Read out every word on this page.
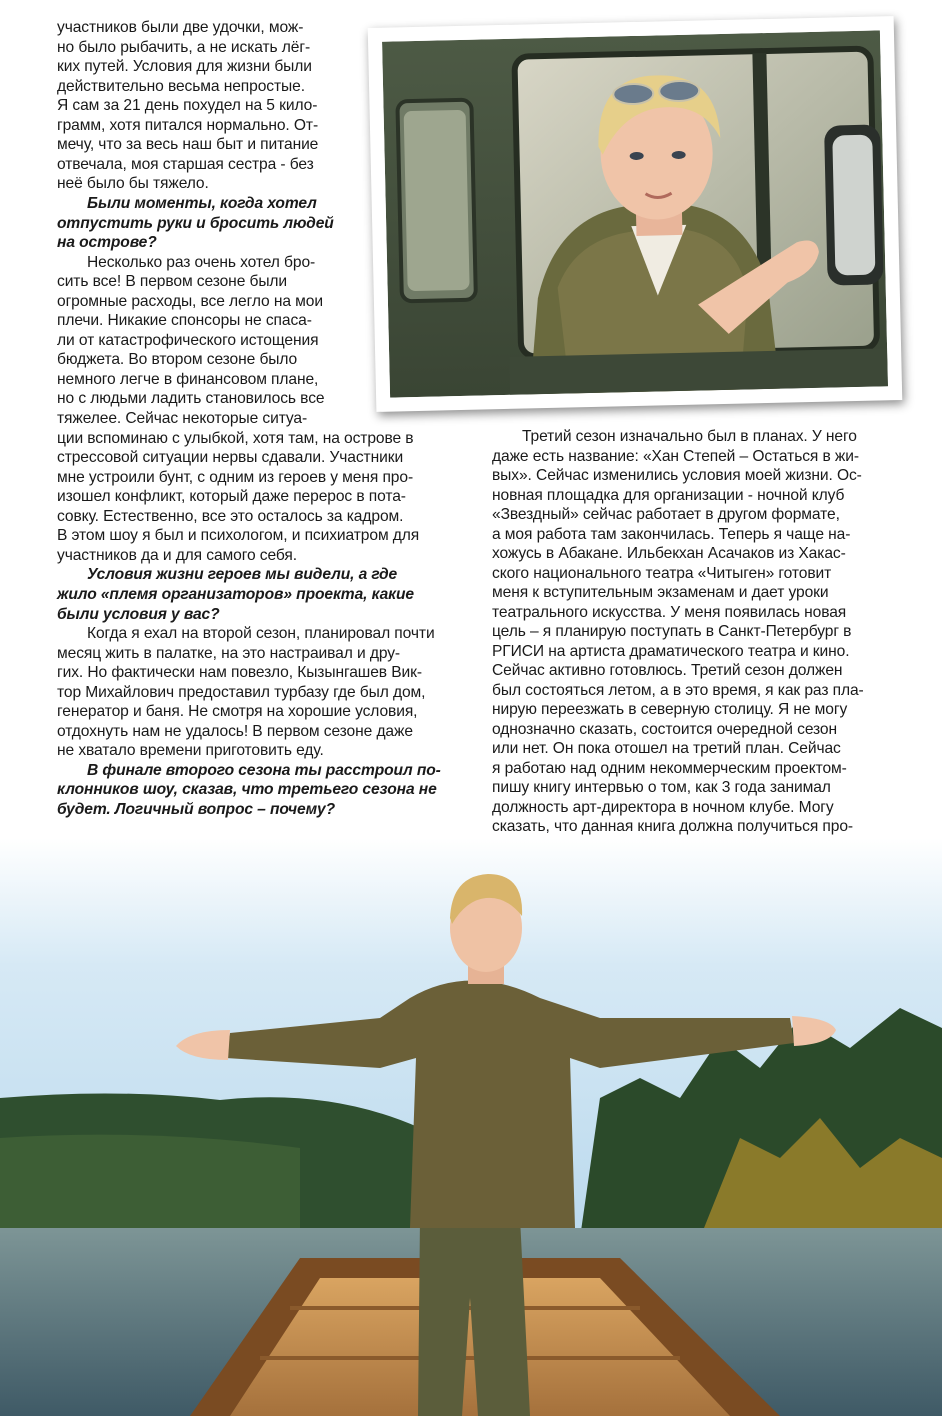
участников были две удочки, мож-
но было рыбачить, а не искать лёг-
ких путей. Условия для жизни были
действительно весьма непростые.
Я сам за 21 день похудел на 5 кило-
грамм, хотя питался нормально. От-
мечу, что за весь наш быт и питание
отвечала, моя старшая сестра - без
неё было бы тяжело.
Были моменты, когда хотел
отпустить руки и бросить людей
на острове?
Несколько раз очень хотел бро-
сить все! В первом сезоне были
огромные расходы, все легло на мои
плечи. Никакие спонсоры не спаса-
ли от катастрофического истощения
бюджета. Во втором сезоне было
немного легче в финансовом плане,
но с людьми ладить становилось все
тяжелее. Сейчас некоторые ситуа-
ции вспоминаю с улыбкой, хотя там, на острове в
стрессовой ситуации нервы сдавали. Участники
мне устроили бунт, с одним из героев у меня про-
изошел конфликт, который даже перерос в пота-
совку. Естественно, все это осталось за кадром.
В этом шоу я был и психологом, и психиатром для
участников да и для самого себя.
Условия жизни героев мы видели, а где
жило «племя организаторов» проекта, какие
были условия у вас?
Когда я ехал на второй сезон, планировал почти
месяц жить в палатке, на это настраивал и дру-
гих. Но фактически нам повезло, Кызынгашев Вик-
тор Михайлович предоставил турбазу где был дом,
генератор и баня. Не смотря на хорошие условия,
отдохнуть нам не удалось! В первом сезоне даже
не хватало времени приготовить еду.
В финале второго сезона ты расстроил по-
клонников шоу, сказав, что третьего сезона не
будет. Логичный вопрос – почему?
Третий сезон изначально был в планах. У него
даже есть название: «Хан Степей – Остаться в жи-
вых». Сейчас изменились условия моей жизни. Ос-
новная площадка для организации - ночной клуб
«Звездный» сейчас работает в другом формате,
а моя работа там закончилась. Теперь я чаще на-
хожусь в Абакане. Ильбекхан Асачаков из Хакас-
ского национального театра «Читыген» готовит
меня к вступительным экзаменам и дает уроки
театрального искусства. У меня появилась новая
цель – я планирую поступать в Санкт-Петербург в
РГИСИ на артиста драматического театра и кино.
Сейчас активно готовлюсь. Третий сезон должен
был состояться летом, а в это время, я как раз пла-
нирую переезжать в северную столицу. Я не могу
однозначно сказать, состоится очередной сезон
или нет. Он пока отошел на третий план. Сейчас
я работаю над одним некоммерческим проектом-
пишу книгу интервью о том, как 3 года занимал
должность арт-директора в ночном клубе. Могу
сказать, что данная книга должна получиться про-
